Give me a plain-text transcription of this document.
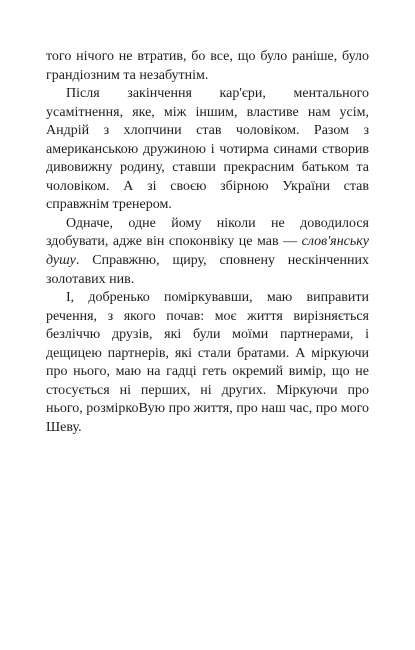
того нічого не втратив, бо все, що було раніше, було грандіозним та незабутнім.

Після закінчення кар'єри, ментального усамітнення, яке, між іншим, властиве нам усім, Андрій з хлопчини став чоловіком. Разом з американською дружиною і чотирма синами створив дивовижну родину, ставши прекрасним батьком та чоловіком. А зі своєю збірною України став справжнім тренером.

Одначе, одне йому ніколи не доводилося здобувати, адже він споконвіку це мав — слов'янську душу. Справжню, щиру, сповнену нескінченних золотавих нив.

І, добренько поміркувавши, маю виправити речення, з якого почав: моє життя вирізняється безліччю друзів, які були моїми партнерами, і дещицею партнерів, які стали братами. А міркуючи про нього, маю на гадці геть окремий вимір, що не стосується ні перших, ні других. Міркуючи про нього, розміркоВую про життя, про наш час, про мого Шеву.
